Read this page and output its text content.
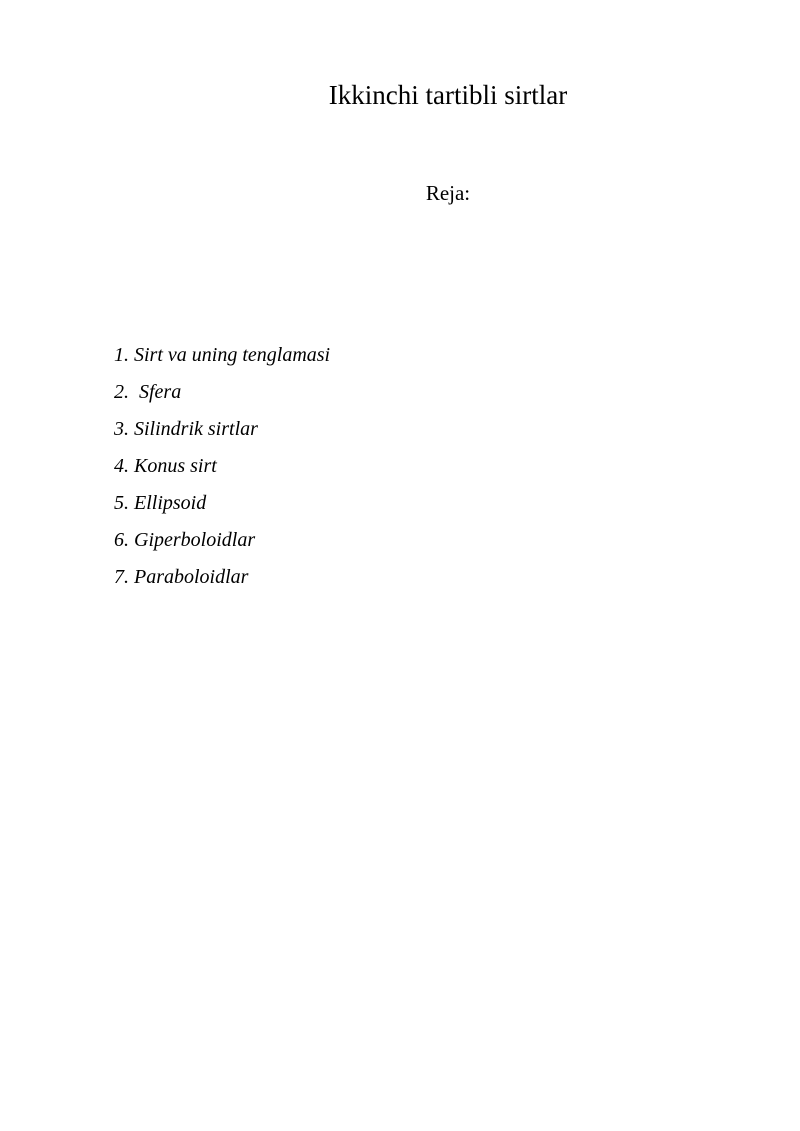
Ikkinchi tartibli sirtlar
Reja:
1. Sirt va uning tenglamasi
2.  Sfera
3. Silindrik sirtlar
4. Konus sirt
5. Ellipsoid
6. Giperboloidlar
7. Paraboloidlar
